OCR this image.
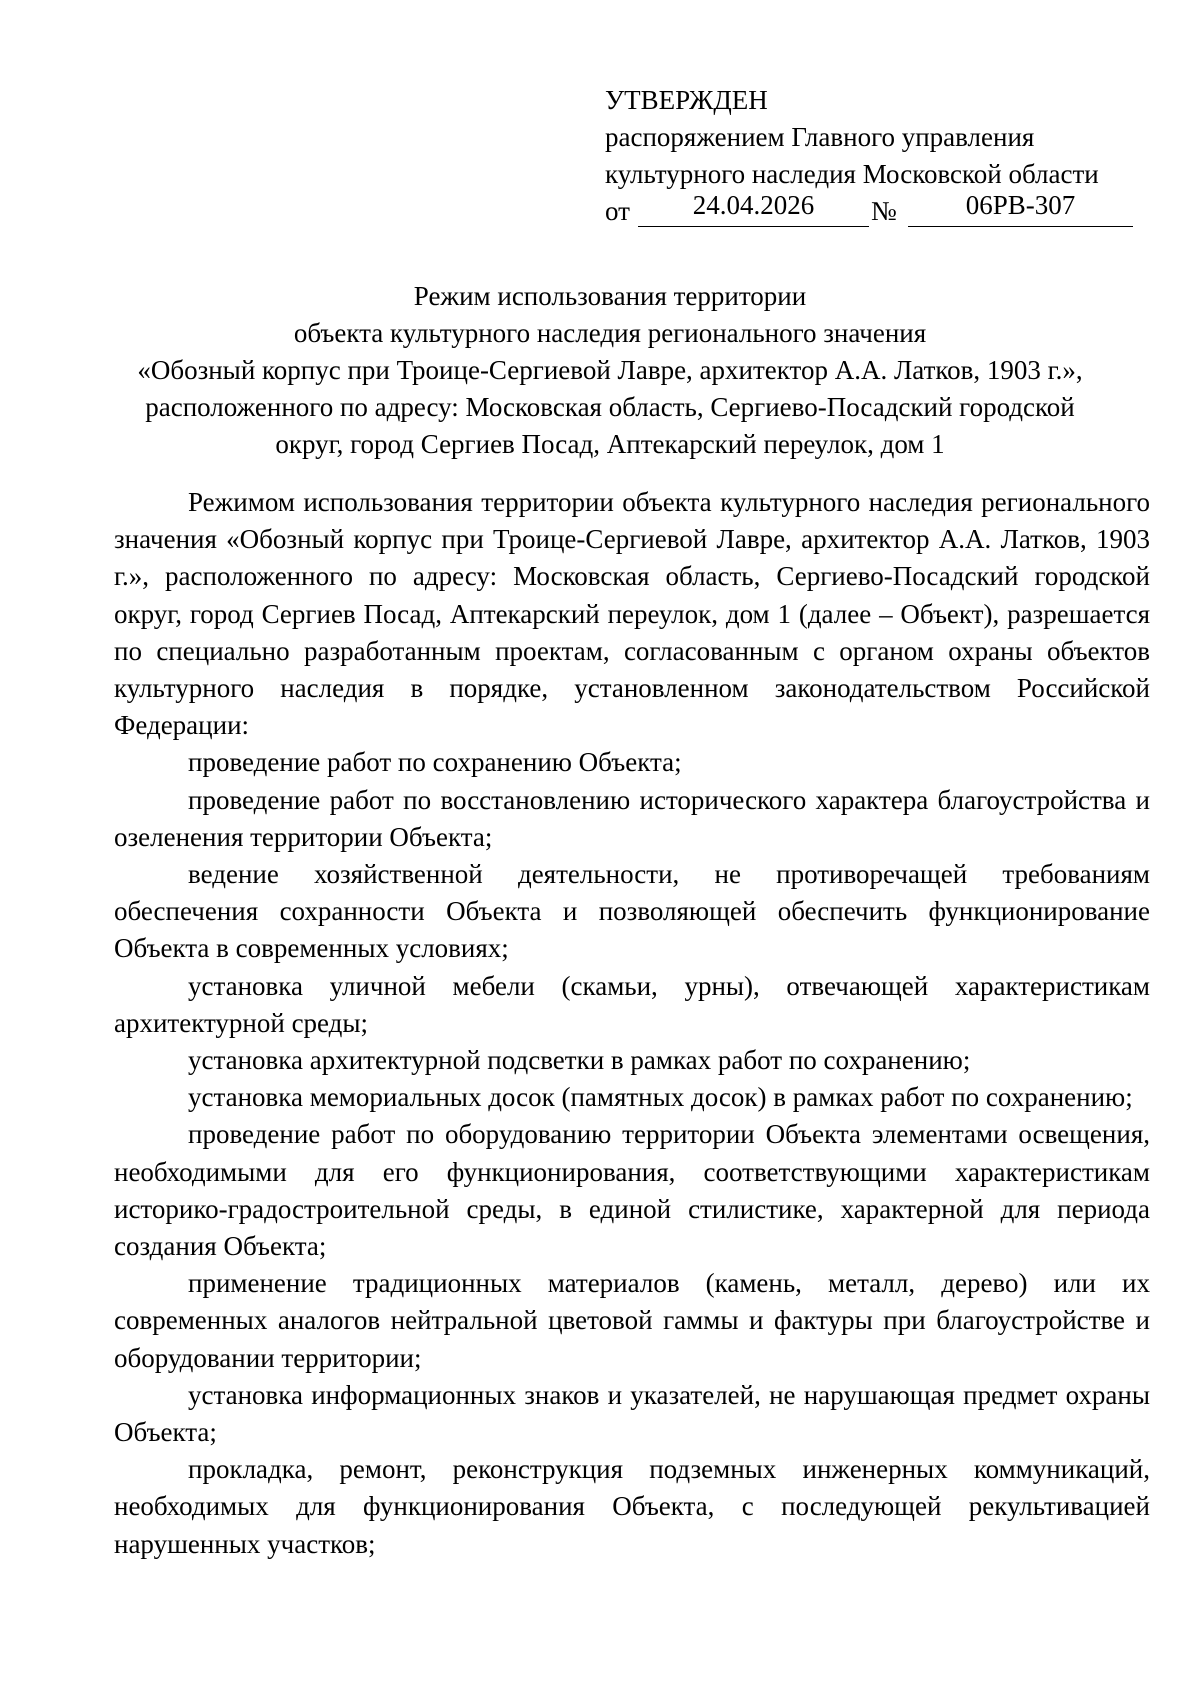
УТВЕРЖДЕН
распоряжением Главного управления
культурного наследия Московской области
от	24.04.2026	№	06РВ-307
Режим использования территории
объекта культурного наследия регионального значения
«Обозный корпус при Троице-Сергиевой Лавре, архитектор А.А. Латков, 1903 г.»,
расположенного по адресу: Московская область, Сергиево-Посадский городской
округ, город Сергиев Посад, Аптекарский переулок, дом 1

Режимом использования территории объекта культурного наследия регионального значения «Обозный корпус при Троице-Сергиевой Лавре, архитектор А.А. Латков, 1903 г.», расположенного по адресу: Московская область, Сергиево-Посадский городской округ, город Сергиев Посад, Аптекарский переулок, дом 1 (далее – Объект), разрешается по специально разработанным проектам, согласованным с органом охраны объектов культурного наследия в порядке, установленном законодательством Российской Федерации:

проведение работ по сохранению Объекта;

проведение работ по восстановлению исторического характера благоустройства и озеленения территории Объекта;

ведение хозяйственной деятельности, не противоречащей требованиям обеспечения сохранности Объекта и позволяющей обеспечить функционирование Объекта в современных условиях;

установка уличной мебели (скамьи, урны), отвечающей характеристикам архитектурной среды;

установка архитектурной подсветки в рамках работ по сохранению;

установка мемориальных досок (памятных досок) в рамках работ по сохранению;

проведение работ по оборудованию территории Объекта элементами освещения, необходимыми для его функционирования, соответствующими характеристикам историко-градостроительной среды, в единой стилистике, характерной для периода создания Объекта;

применение традиционных материалов (камень, металл, дерево) или их современных аналогов нейтральной цветовой гаммы и фактуры при благоустройстве и оборудовании территории;

установка информационных знаков и указателей, не нарушающая предмет охраны Объекта;

прокладка, ремонт, реконструкция подземных инженерных коммуникаций, необходимых для функционирования Объекта, с последующей рекультивацией нарушенных участков;
